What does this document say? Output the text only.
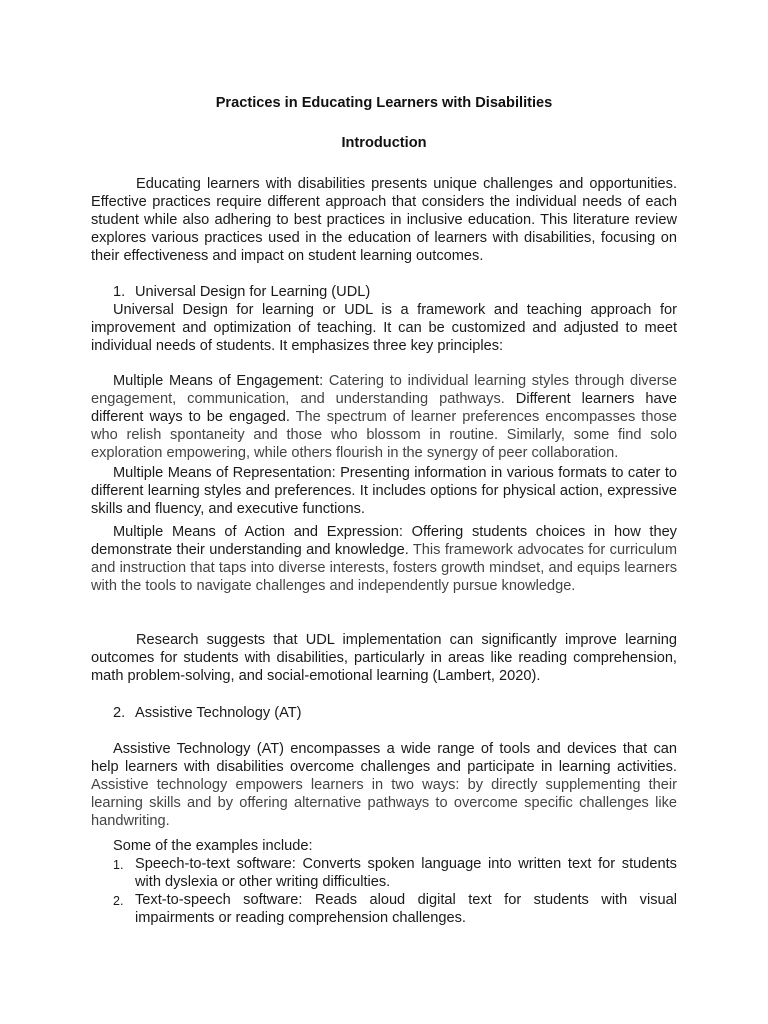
Practices in Educating Learners with Disabilities
Introduction

Educating learners with disabilities presents unique challenges and opportunities. Effective practices require different approach that considers the individual needs of each student while also adhering to best practices in inclusive education. This literature review explores various practices used in the education of learners with disabilities, focusing on their effectiveness and impact on student learning outcomes.

1. Universal Design for Learning (UDL)

Universal Design for learning or UDL is a framework and teaching approach for improvement and optimization of teaching. It can be customized and adjusted to meet individual needs of students. It emphasizes three key principles:

Multiple Means of Engagement: Catering to individual learning styles through diverse engagement, communication, and understanding pathways. Different learners have different ways to be engaged. The spectrum of learner preferences encompasses those who relish spontaneity and those who blossom in routine. Similarly, some find solo exploration empowering, while others flourish in the synergy of peer collaboration.

Multiple Means of Representation: Presenting information in various formats to cater to different learning styles and preferences. It includes options for physical action, expressive skills and fluency, and executive functions.

Multiple Means of Action and Expression: Offering students choices in how they demonstrate their understanding and knowledge. This framework advocates for curriculum and instruction that taps into diverse interests, fosters growth mindset, and equips learners with the tools to navigate challenges and independently pursue knowledge.

Research suggests that UDL implementation can significantly improve learning outcomes for students with disabilities, particularly in areas like reading comprehension, math problem-solving, and social-emotional learning (Lambert, 2020).

2. Assistive Technology (AT)

Assistive Technology (AT) encompasses a wide range of tools and devices that can help learners with disabilities overcome challenges and participate in learning activities. Assistive technology empowers learners in two ways: by directly supplementing their learning skills and by offering alternative pathways to overcome specific challenges like handwriting.

Some of the examples include:
1. Speech-to-text software: Converts spoken language into written text for students with dyslexia or other writing difficulties.
2. Text-to-speech software: Reads aloud digital text for students with visual impairments or reading comprehension challenges.
